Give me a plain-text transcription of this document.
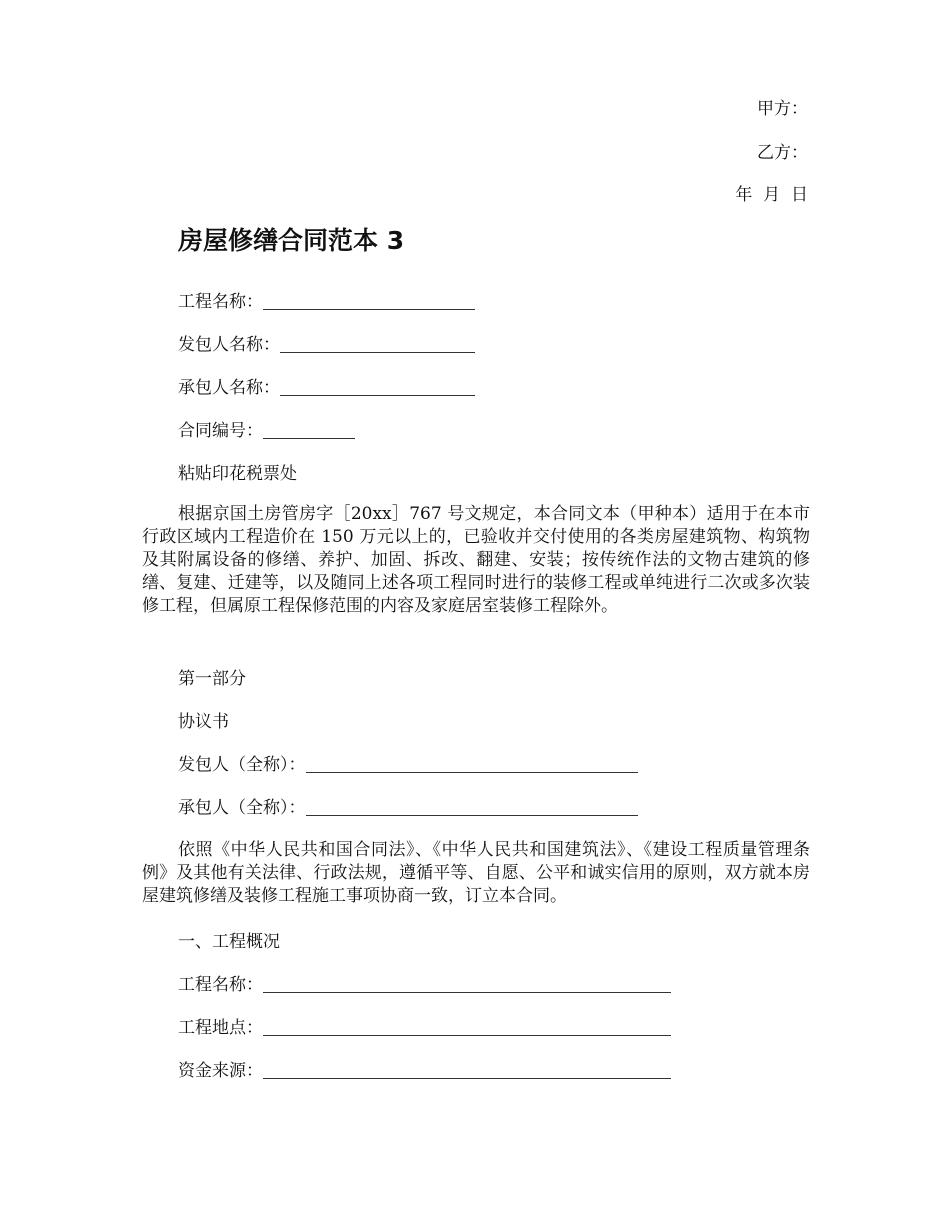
甲方：
乙方：
年  月  日
房屋修缮合同范本 3
工程名称：
发包人名称：
承包人名称：
合同编号：
粘贴印花税票处
根据京国土房管房字［20xx］767 号文规定，本合同文本（甲种本）适用于在本市行政区域内工程造价在 150 万元以上的，已验收并交付使用的各类房屋建筑物、构筑物及其附属设备的修缮、养护、加固、拆改、翻建、安装；按传统作法的文物古建筑的修缮、复建、迁建等，以及随同上述各项工程同时进行的装修工程或单纯进行二次或多次装修工程，但属原工程保修范围的内容及家庭居室装修工程除外。
第一部分
协议书
发包人（全称）：
承包人（全称）：
依照《中华人民共和国合同法》、《中华人民共和国建筑法》、《建设工程质量管理条例》及其他有关法律、行政法规，遵循平等、自愿、公平和诚实信用的原则，双方就本房屋建筑修缮及装修工程施工事项协商一致，订立本合同。
一、工程概况
工程名称：
工程地点：
资金来源：
